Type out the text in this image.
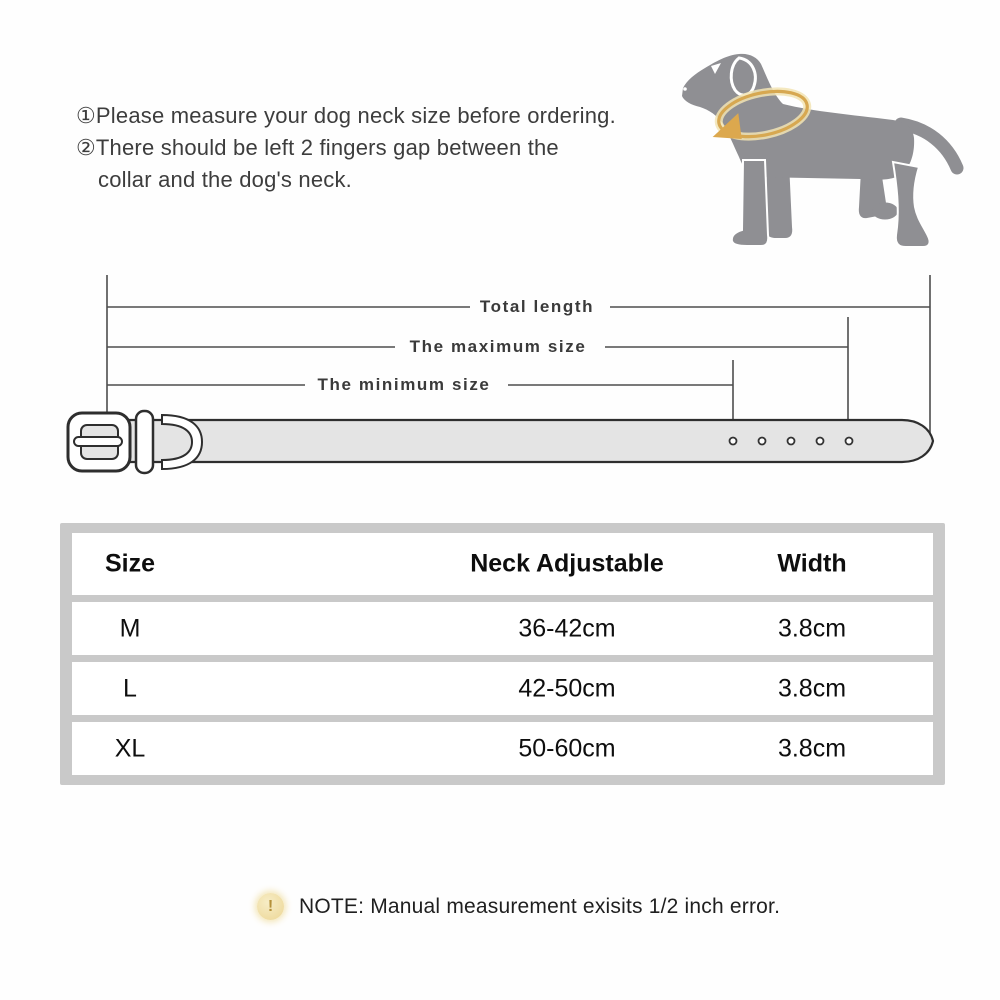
①Please measure your dog neck size before ordering.
②There should be left 2 fingers gap between the
collar and the dog's neck.
Total length
The maximum size
The minimum size
Size	Neck Adjustable	Width
M	36-42cm	3.8cm
L	42-50cm	3.8cm
XL	50-60cm	3.8cm
! NOTE: Manual measurement exisits 1/2 inch error.
